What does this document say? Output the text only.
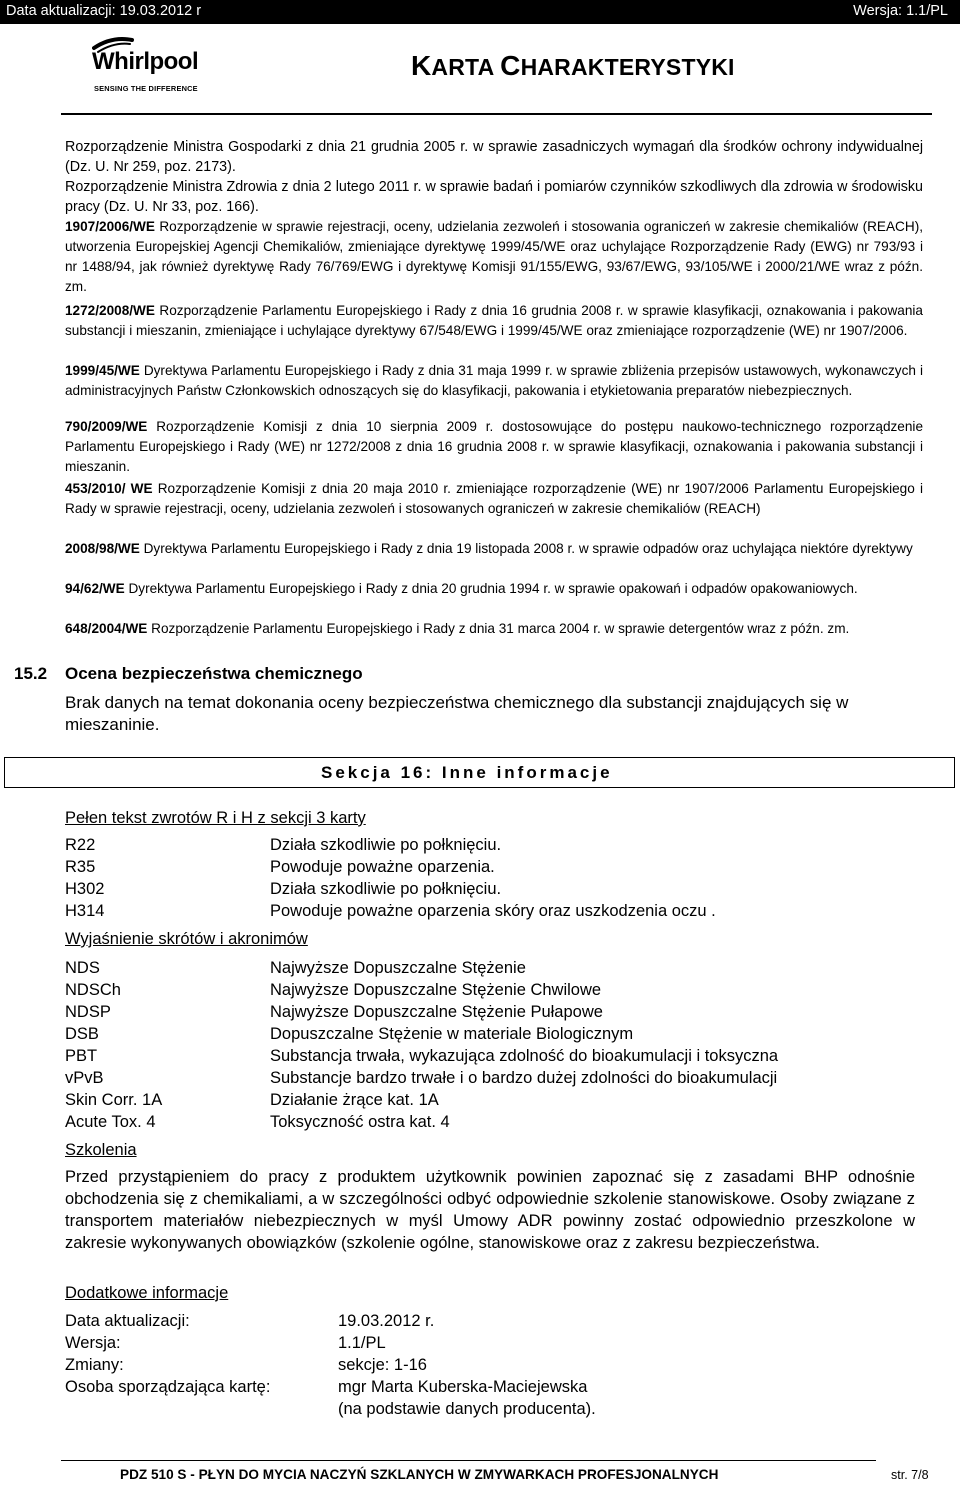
Data aktualizacji: 19.03.2012 r	Wersja: 1.1/PL
Whirlpool
SENSING THE DIFFERENCE
KARTA CHARAKTERYSTYKI
Rozporządzenie Ministra Gospodarki z dnia 21 grudnia 2005 r. w sprawie zasadniczych wymagań dla środków ochrony indywidualnej (Dz. U. Nr 259, poz. 2173).
Rozporządzenie Ministra Zdrowia z dnia 2 lutego 2011 r. w sprawie badań i pomiarów czynników szkodliwych dla zdrowia w środowisku pracy (Dz. U. Nr 33, poz. 166).
1907/2006/WE Rozporządzenie w sprawie rejestracji, oceny, udzielania zezwoleń i stosowania ograniczeń w zakresie chemikaliów (REACH), utworzenia Europejskiej Agencji Chemikaliów, zmieniające dyrektywę 1999/45/WE oraz uchylające Rozporządzenie Rady (EWG) nr 793/93 i nr 1488/94, jak również dyrektywę Rady 76/769/EWG i dyrektywę Komisji 91/155/EWG, 93/67/EWG, 93/105/WE i 2000/21/WE wraz z późn. zm.
1272/2008/WE Rozporządzenie Parlamentu Europejskiego i Rady z dnia 16 grudnia 2008 r. w sprawie klasyfikacji, oznakowania i pakowania substancji i mieszanin, zmieniające i uchylające dyrektywy 67/548/EWG i 1999/45/WE oraz zmieniające rozporządzenie (WE) nr 1907/2006.
1999/45/WE Dyrektywa Parlamentu Europejskiego i Rady z dnia 31 maja 1999 r. w sprawie zbliżenia przepisów ustawowych, wykonawczych i administracyjnych Państw Członkowskich odnoszących się do klasyfikacji, pakowania i etykietowania preparatów niebezpiecznych.
790/2009/WE Rozporządzenie Komisji z dnia 10 sierpnia 2009 r. dostosowujące do postępu naukowo-technicznego rozporządzenie Parlamentu Europejskiego i Rady (WE) nr 1272/2008 z dnia 16 grudnia 2008 r. w sprawie klasyfikacji, oznakowania i pakowania substancji i mieszanin.
453/2010/ WE Rozporządzenie Komisji z dnia 20 maja 2010 r. zmieniające rozporządzenie (WE) nr 1907/2006 Parlamentu Europejskiego i Rady w sprawie rejestracji, oceny, udzielania zezwoleń i stosowanych ograniczeń w zakresie chemikaliów (REACH)
2008/98/WE Dyrektywa Parlamentu Europejskiego i Rady z dnia 19 listopada 2008 r. w sprawie odpadów oraz uchylająca niektóre dyrektywy
94/62/WE Dyrektywa Parlamentu Europejskiego i Rady z dnia 20 grudnia 1994 r. w sprawie opakowań i odpadów opakowaniowych.
648/2004/WE Rozporządzenie Parlamentu Europejskiego i Rady z dnia 31 marca 2004 r. w sprawie detergentów wraz z późn. zm.
15.2 Ocena bezpieczeństwa chemicznego
Brak danych na temat dokonania oceny bezpieczeństwa chemicznego dla substancji znajdujących się w mieszaninie.
Sekcja 16: Inne informacje
Pełen tekst zwrotów R i H z sekcji 3 karty
R22	Działa szkodliwie po połknięciu.
R35	Powoduje poważne oparzenia.
H302	Działa szkodliwie po połknięciu.
H314	Powoduje poważne oparzenia skóry oraz uszkodzenia oczu .
Wyjaśnienie skrótów i akronimów
NDS	Najwyższe Dopuszczalne Stężenie
NDSCh	Najwyższe Dopuszczalne Stężenie Chwilowe
NDSP	Najwyższe Dopuszczalne Stężenie Pułapowe
DSB	Dopuszczalne Stężenie w materiale Biologicznym
PBT	Substancja trwała, wykazująca zdolność do bioakumulacji i toksyczna
vPvB	Substancje bardzo trwałe i o bardzo dużej zdolności do bioakumulacji
Skin Corr. 1A	Działanie żrące kat. 1A
Acute Tox. 4	Toksyczność ostra kat. 4
Szkolenia
Przed przystąpieniem do pracy z produktem użytkownik powinien zapoznać się z zasadami BHP odnośnie obchodzenia się z chemikaliami, a w szczególności odbyć odpowiednie szkolenie stanowiskowe. Osoby związane z transportem materiałów niebezpiecznych w myśl Umowy ADR powinny zostać odpowiednio przeszkolone w zakresie wykonywanych obowiązków (szkolenie ogólne, stanowiskowe oraz z zakresu bezpieczeństwa.
Dodatkowe informacje
Data aktualizacji:	19.03.2012 r.
Wersja:	1.1/PL
Zmiany:	sekcje: 1-16
Osoba sporządzająca kartę:	mgr Marta Kuberska-Maciejewska
(na podstawie danych producenta).
PDZ 510 S - PŁYN DO MYCIA NACZYŃ SZKLANYCH W ZMYWARKACH PROFESJONALNYCH	str. 7/8
